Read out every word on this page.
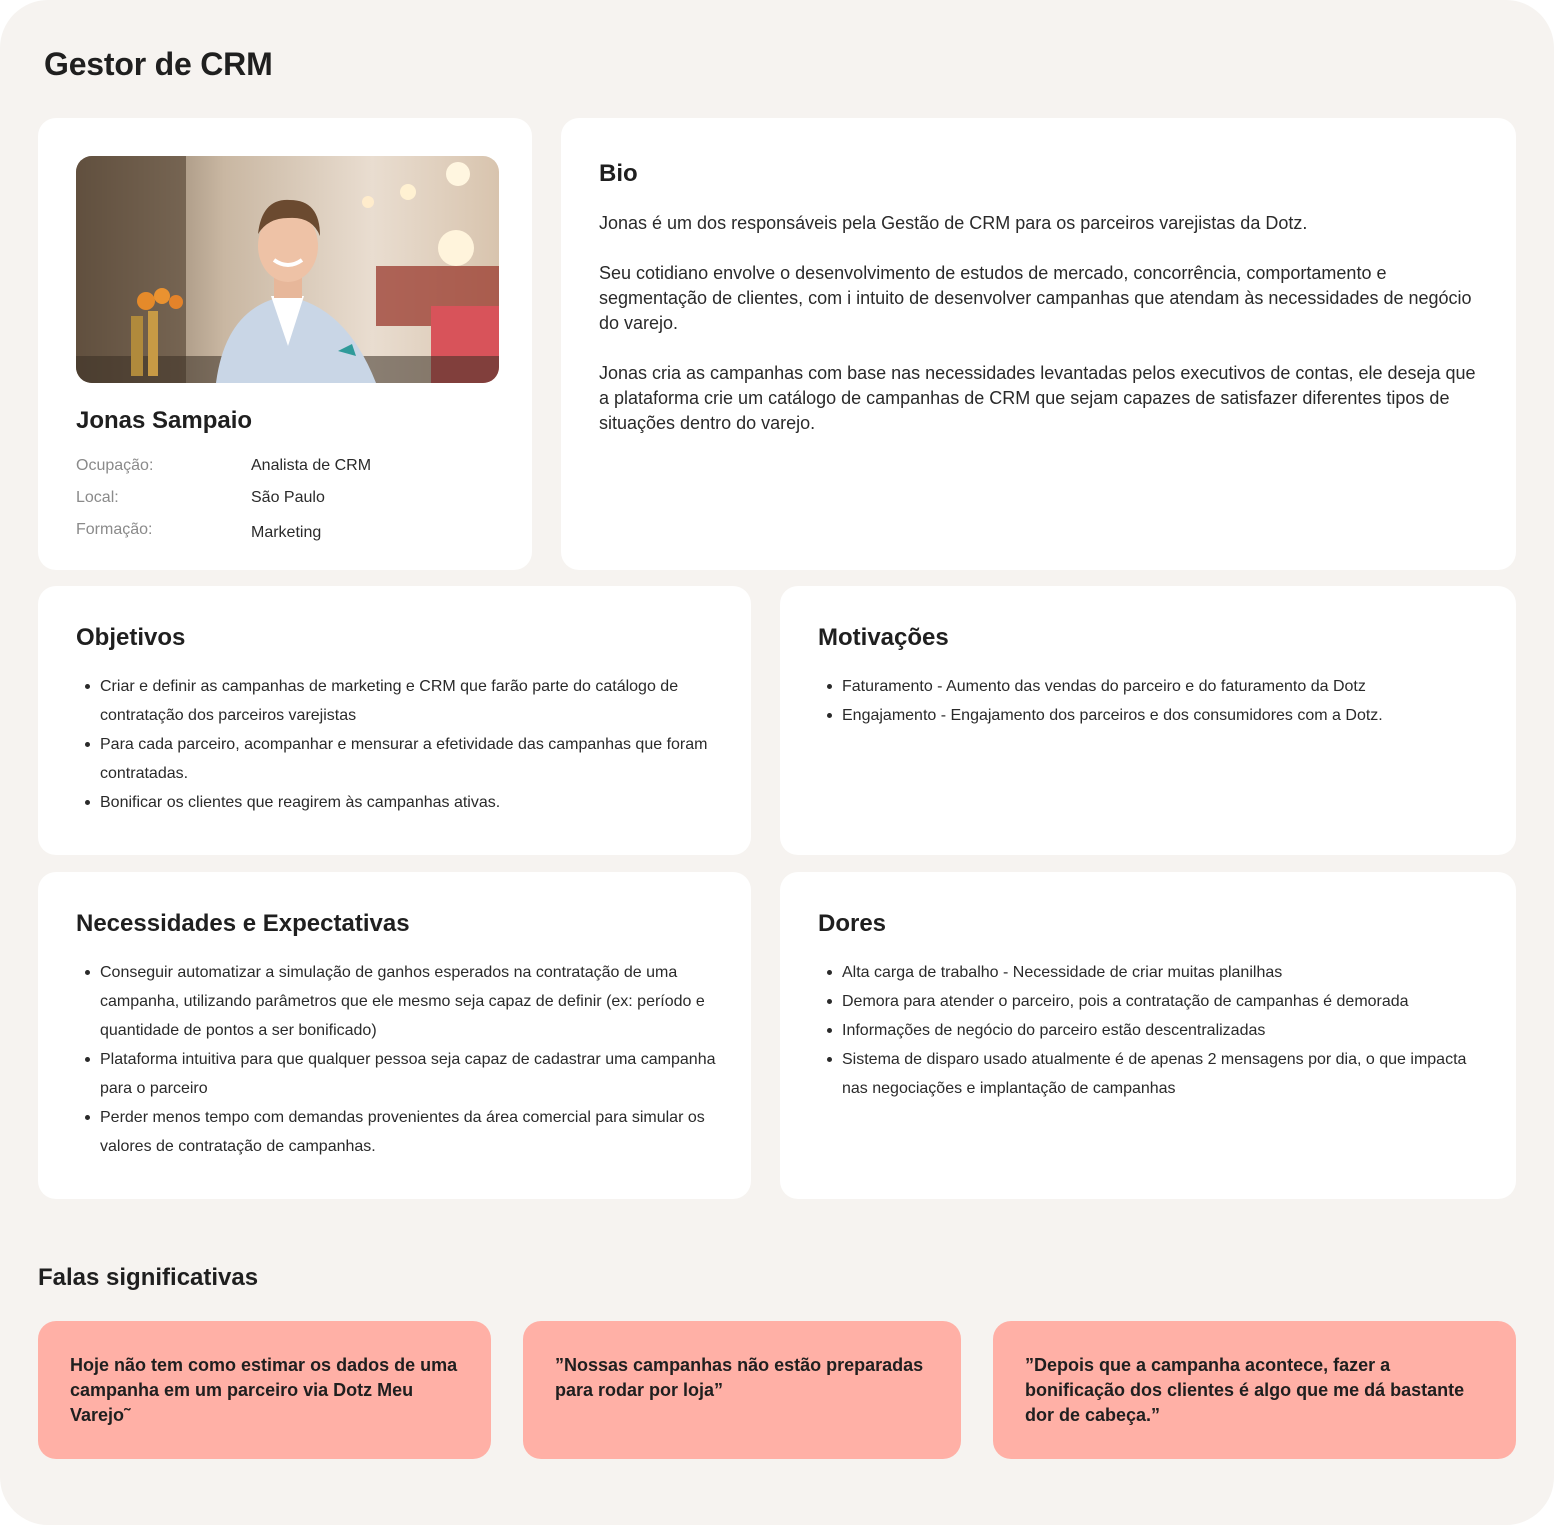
Gestor de CRM
Jonas Sampaio
Ocupação:	Analista de CRM
Local:	São Paulo
Formação:	Marketing
Bio

Jonas é um dos responsáveis pela Gestão de CRM para os parceiros varejistas da Dotz.

Seu cotidiano envolve o desenvolvimento de estudos de mercado, concorrência, comportamento e segmentação de clientes, com i intuito de desenvolver campanhas que atendam às necessidades de negócio do varejo.

Jonas cria as campanhas com base nas necessidades levantadas pelos executivos de contas, ele deseja que a plataforma crie um catálogo de campanhas de CRM que sejam capazes de satisfazer diferentes tipos de situações dentro do varejo.

Objetivos
Criar e definir as campanhas de marketing e CRM que farão parte do catálogo de contratação dos parceiros varejistas
Para cada parceiro, acompanhar e mensurar a efetividade das campanhas que foram contratadas.
Bonificar os clientes que reagirem às campanhas ativas.
Motivações
Faturamento - Aumento das vendas do parceiro e do faturamento da Dotz
Engajamento - Engajamento dos parceiros e dos consumidores com a Dotz.
Necessidades e Expectativas
Conseguir automatizar a simulação de ganhos esperados na contratação de uma campanha, utilizando parâmetros que ele mesmo seja capaz de definir (ex: período e quantidade de pontos a ser bonificado)
Plataforma intuitiva para que qualquer pessoa seja capaz de cadastrar uma campanha para o parceiro
Perder menos tempo com demandas provenientes da área comercial para simular os valores de contratação de campanhas.
Dores
Alta carga de trabalho - Necessidade de criar muitas planilhas
Demora para atender o parceiro, pois a contratação de campanhas é demorada
Informações de negócio do parceiro estão descentralizadas
Sistema de disparo usado atualmente é de apenas 2 mensagens por dia, o que impacta nas negociações e implantação de campanhas
Falas significativas
Hoje não tem como estimar os dados de uma campanha em um parceiro via Dotz Meu Varejo˜
”Nossas campanhas não estão preparadas para rodar por loja”
”Depois que a campanha acontece, fazer a bonificação dos clientes é algo que me dá bastante dor de cabeça.”
